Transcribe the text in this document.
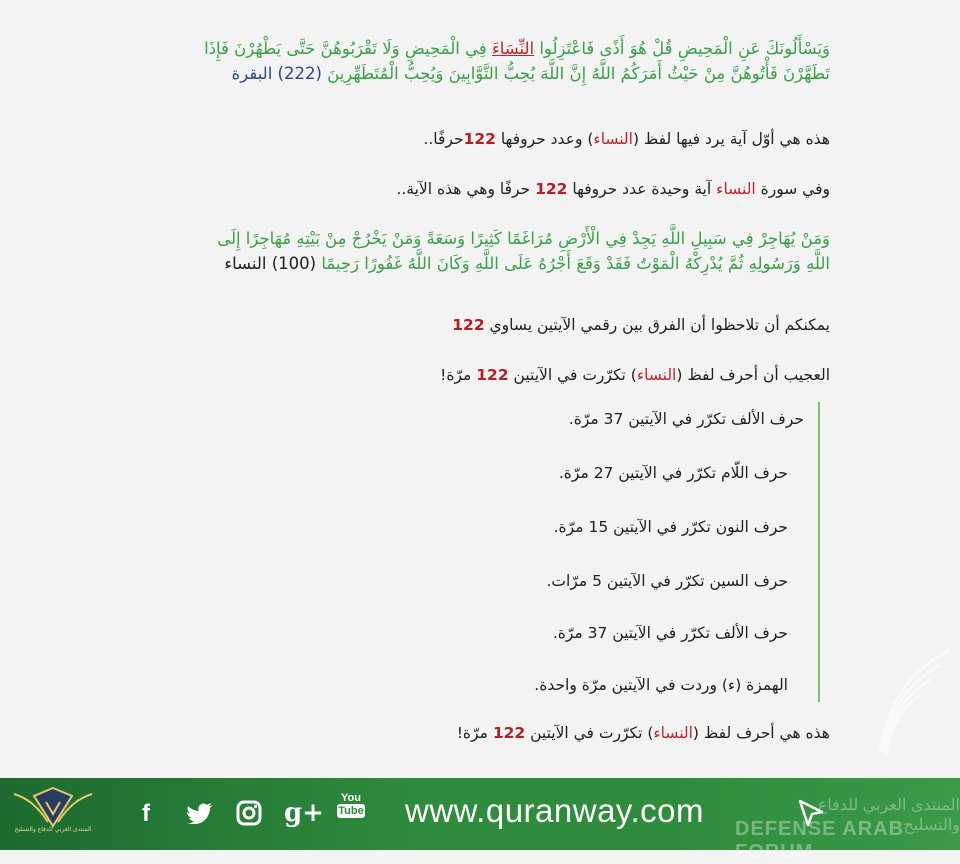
وَيَسْأَلُونَكَ عَنِ الْمَحِيضِ قُلْ هُوَ أَذًى فَاعْتَزِلُوا النِّسَاءَ فِي الْمَحِيضِ وَلَا تَقْرَبُوهُنَّ حَتَّى يَطْهُرْنَ فَإِذَا
تَطَهَّرْنَ فَأْتُوهُنَّ مِنْ حَيْثُ أَمَرَكُمُ اللَّهُ إِنَّ اللَّهَ يُحِبُّ التَّوَّابِينَ وَيُحِبُّ الْمُتَطَهِّرِينَ (222) البقرة
هذه هي أوّل آية يرد فيها لفظ (النساء) وعدد حروفها 122حرفًا..
وفي سورة النساء آية وحيدة عدد حروفها 122 حرفًا وهي هذه الآية..
وَمَنْ يُهَاجِرْ فِي سَبِيلِ اللَّهِ يَجِدْ فِي الْأَرْضِ مُرَاغَمًا كَثِيرًا وَسَعَةً وَمَنْ يَخْرُجْ مِنْ بَيْتِهِ مُهَاجِرًا إِلَى
اللَّهِ وَرَسُولِهِ ثُمَّ يُدْرِكْهُ الْمَوْتُ فَقَدْ وَقَعَ أَجْرُهُ عَلَى اللَّهِ وَكَانَ اللَّهُ غَفُورًا رَحِيمًا (100) النساء
يمكنكم أن تلاحظوا أن الفرق بين رقمي الآيتين يساوي 122
العجيب أن أحرف لفظ (النساء) تكرّرت في الآيتين 122 مرّة!
حرف الألف تكرّر في الآيتين 37 مرّة.
حرف اللّام تكرّر في الآيتين 27 مرّة.
حرف النون تكرّر في الآيتين 15 مرّة.
حرف السين تكرّر في الآيتين 5 مرّات.
حرف الألف تكرّر في الآيتين 37 مرّة.
الهمزة (ء) وردت في الآيتين مرّة واحدة.
هذه هي أحرف لفظ (النساء) تكرّرت في الآيتين 122 مرّة!
المنتدى العربي للدفاع والتسليح
f	g+	You
Tube www.quranway.com	المنتدى العربي للدفاع والتسليح
DEFENSE ARAB FORUM
